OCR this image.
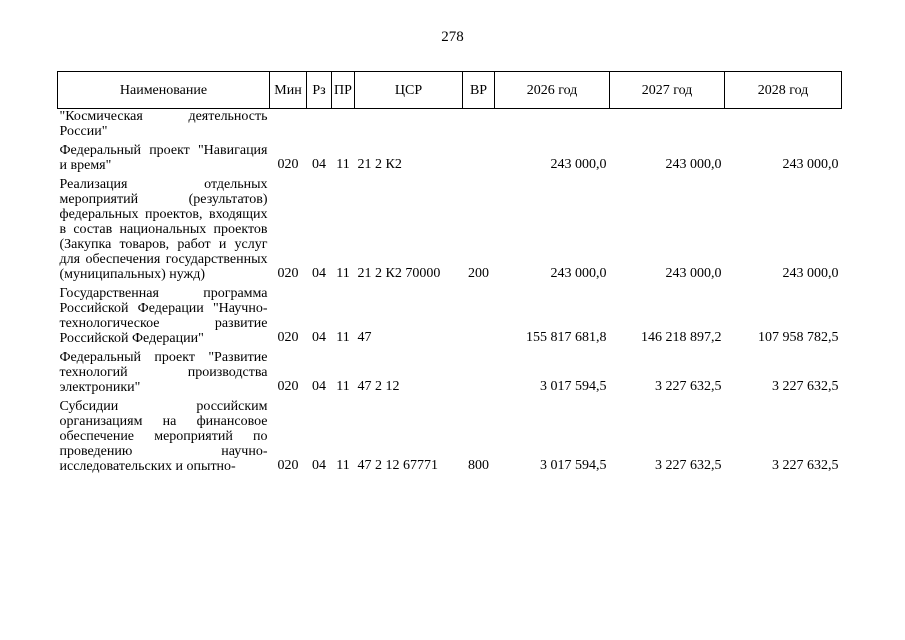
278
Наименование	Мин	Рз	ПР	ЦСР	ВР	2026 год	2027 год	2028 год
"Космическая деятельность России"								
Федеральный проект "Навигация и время"	020	04	11	21 2 К2		243 000,0	243 000,0	243 000,0
Реализация отдельных мероприятий (результатов) федеральных проектов, входящих в состав национальных проектов (Закупка товаров, работ и услуг для обеспечения государственных (муниципальных) нужд)	020	04	11	21 2 К2 70000	200	243 000,0	243 000,0	243 000,0
Государственная программа Российской Федерации "Научно-технологическое развитие Российской Федерации"	020	04	11	47		155 817 681,8	146 218 897,2	107 958 782,5
Федеральный проект "Развитие технологий производства электроники"	020	04	11	47 2 12		3 017 594,5	3 227 632,5	3 227 632,5
Субсидии российским организациям на финансовое обеспечение мероприятий по проведению научно-исследовательских и опытно-	020	04	11	47 2 12 67771	800	3 017 594,5	3 227 632,5	3 227 632,5
